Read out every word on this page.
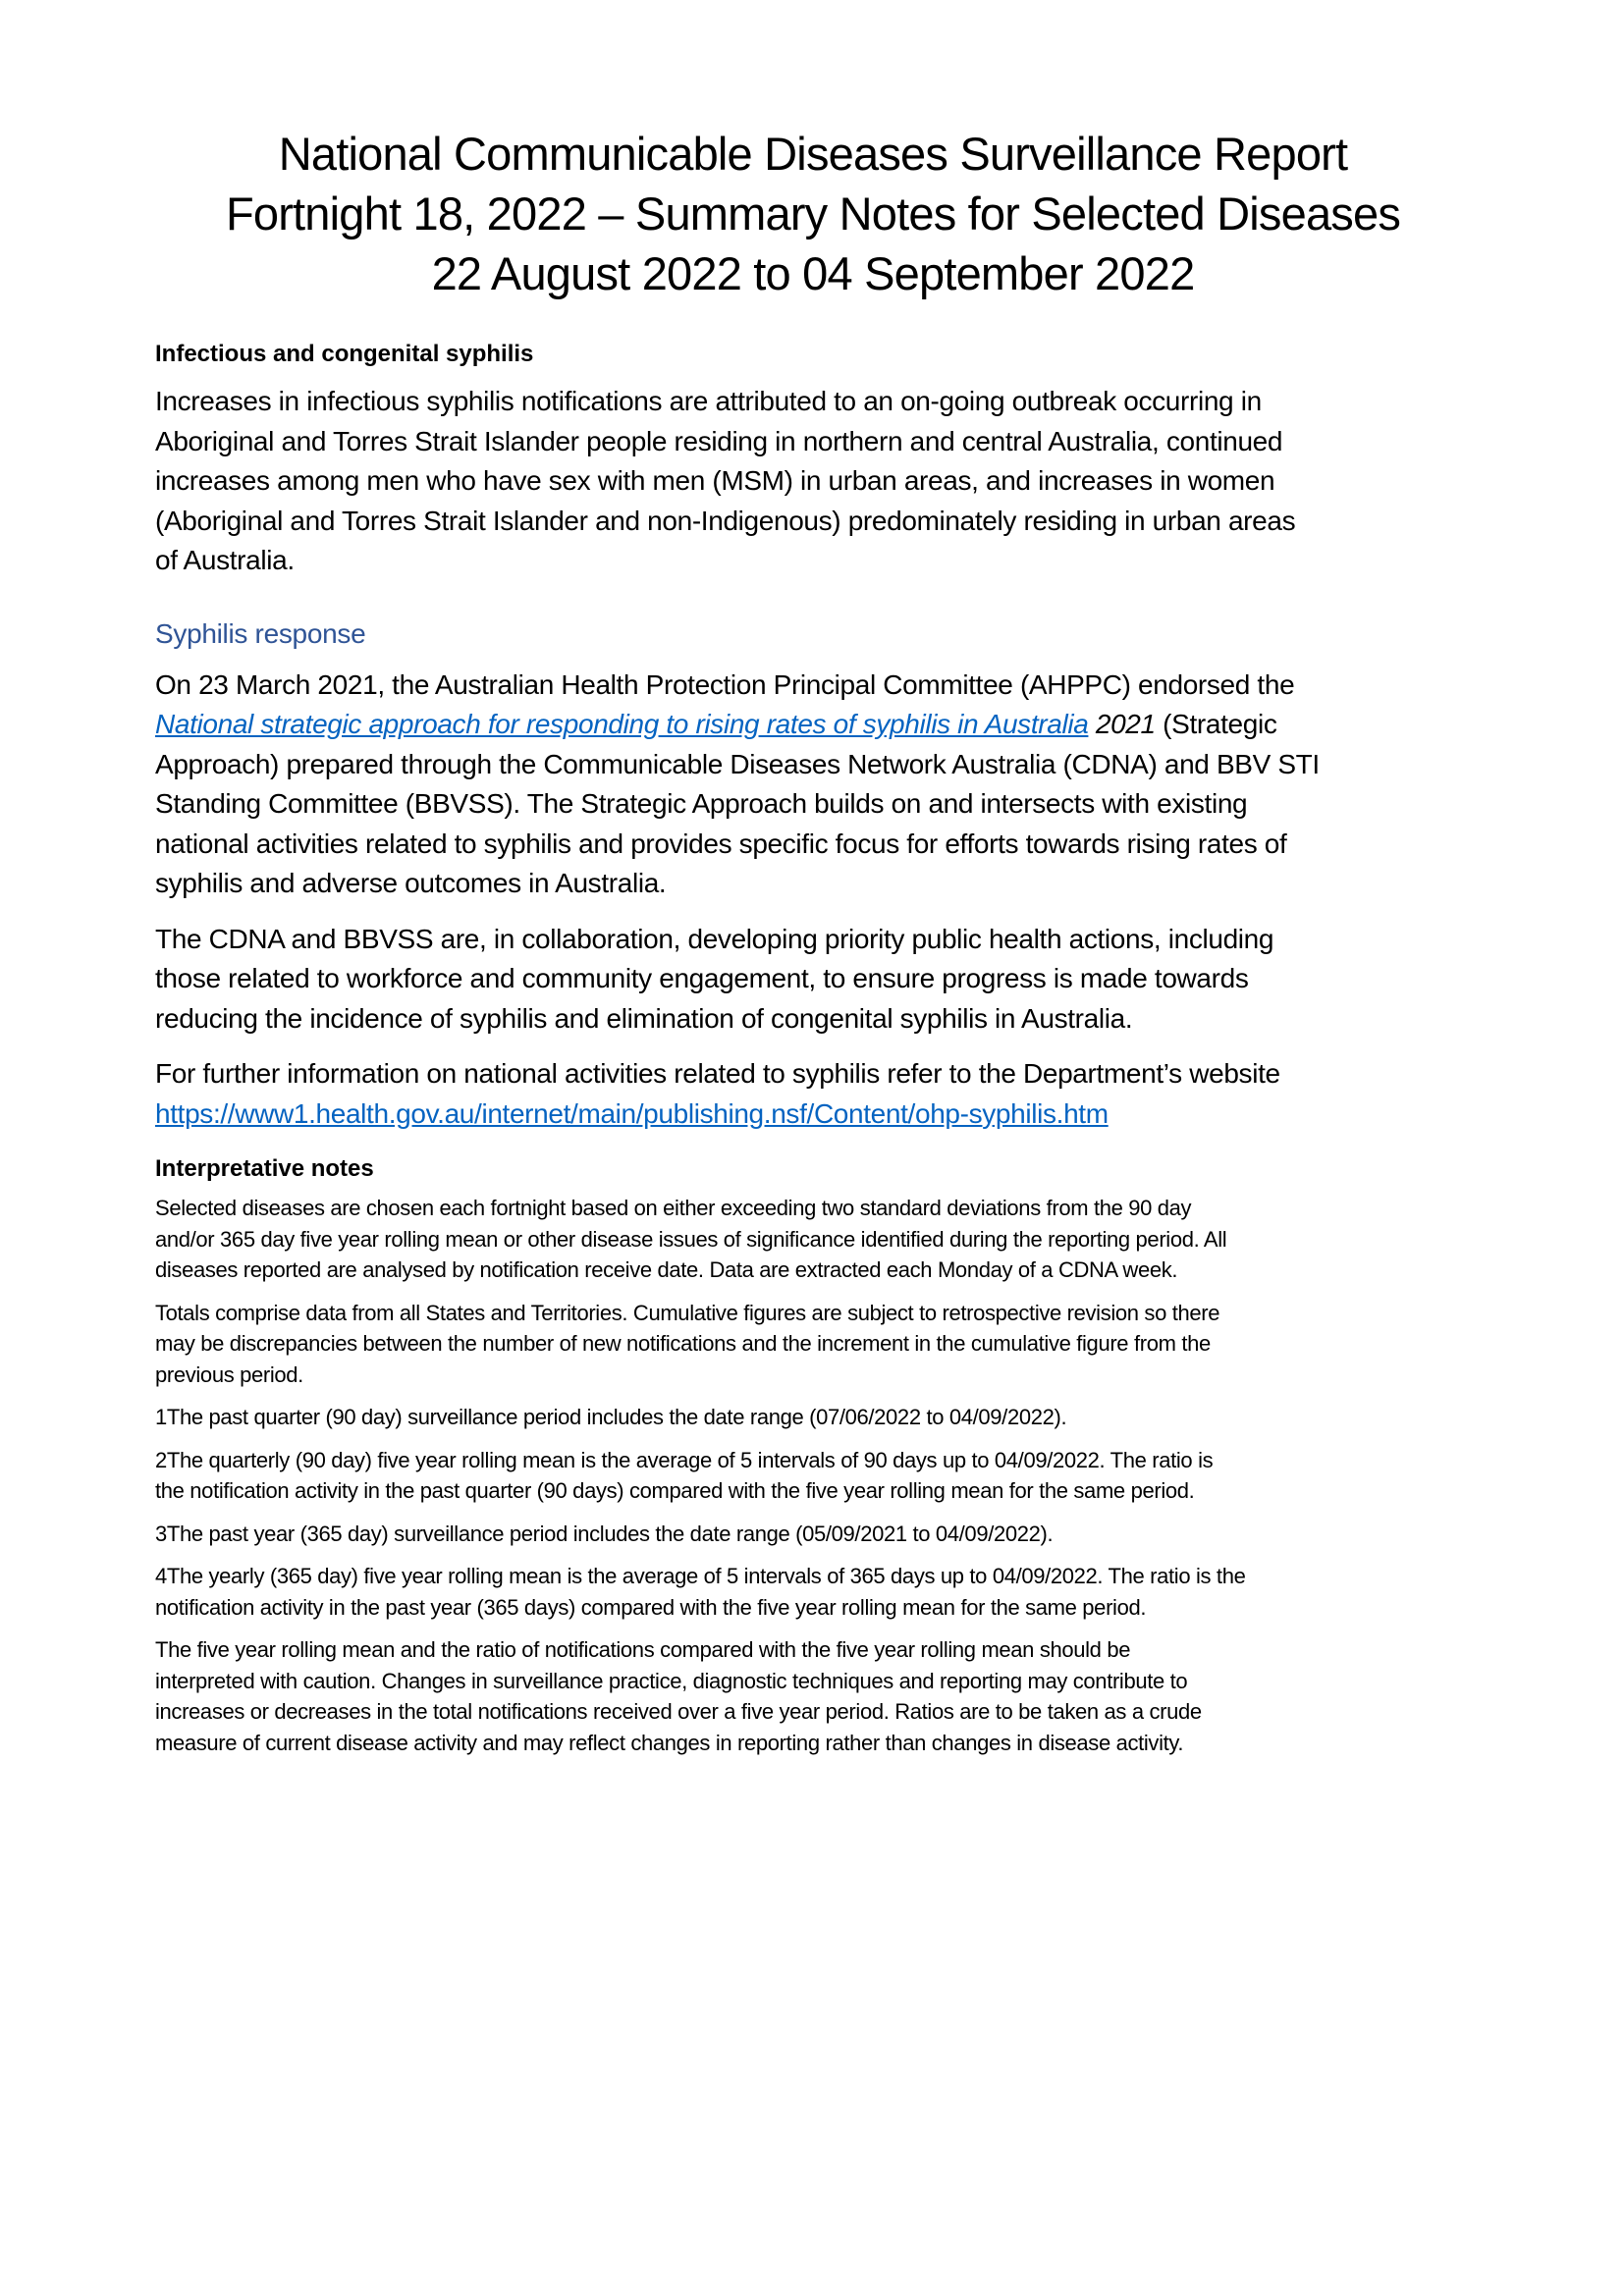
National Communicable Diseases Surveillance Report
Fortnight 18, 2022 – Summary Notes for Selected Diseases
22 August 2022 to 04 September 2022
Infectious and congenital syphilis

Increases in infectious syphilis notifications are attributed to an on-going outbreak occurring in
Aboriginal and Torres Strait Islander people residing in northern and central Australia, continued
increases among men who have sex with men (MSM) in urban areas, and increases in women
(Aboriginal and Torres Strait Islander and non-Indigenous) predominately residing in urban areas
of Australia.

Syphilis response

On 23 March 2021, the Australian Health Protection Principal Committee (AHPPC) endorsed the
National strategic approach for responding to rising rates of syphilis in Australia 2021 (Strategic
Approach) prepared through the Communicable Diseases Network Australia (CDNA) and BBV STI
Standing Committee (BBVSS). The Strategic Approach builds on and intersects with existing
national activities related to syphilis and provides specific focus for efforts towards rising rates of
syphilis and adverse outcomes in Australia.

The CDNA and BBVSS are, in collaboration, developing priority public health actions, including
those related to workforce and community engagement, to ensure progress is made towards
reducing the incidence of syphilis and elimination of congenital syphilis in Australia.

For further information on national activities related to syphilis refer to the Department’s website
https://www1.health.gov.au/internet/main/publishing.nsf/Content/ohp-syphilis.htm

Interpretative notes

Selected diseases are chosen each fortnight based on either exceeding two standard deviations from the 90 day
and/or 365 day five year rolling mean or other disease issues of significance identified during the reporting period. All
diseases reported are analysed by notification receive date. Data are extracted each Monday of a CDNA week.

Totals comprise data from all States and Territories. Cumulative figures are subject to retrospective revision so there
may be discrepancies between the number of new notifications and the increment in the cumulative figure from the
previous period.

1The past quarter (90 day) surveillance period includes the date range (07/06/2022 to 04/09/2022).

2The quarterly (90 day) five year rolling mean is the average of 5 intervals of 90 days up to 04/09/2022. The ratio is
the notification activity in the past quarter (90 days) compared with the five year rolling mean for the same period.

3The past year (365 day) surveillance period includes the date range (05/09/2021 to 04/09/2022).

4The yearly (365 day) five year rolling mean is the average of 5 intervals of 365 days up to 04/09/2022. The ratio is the
notification activity in the past year (365 days) compared with the five year rolling mean for the same period.

The five year rolling mean and the ratio of notifications compared with the five year rolling mean should be
interpreted with caution. Changes in surveillance practice, diagnostic techniques and reporting may contribute to
increases or decreases in the total notifications received over a five year period. Ratios are to be taken as a crude
measure of current disease activity and may reflect changes in reporting rather than changes in disease activity.
